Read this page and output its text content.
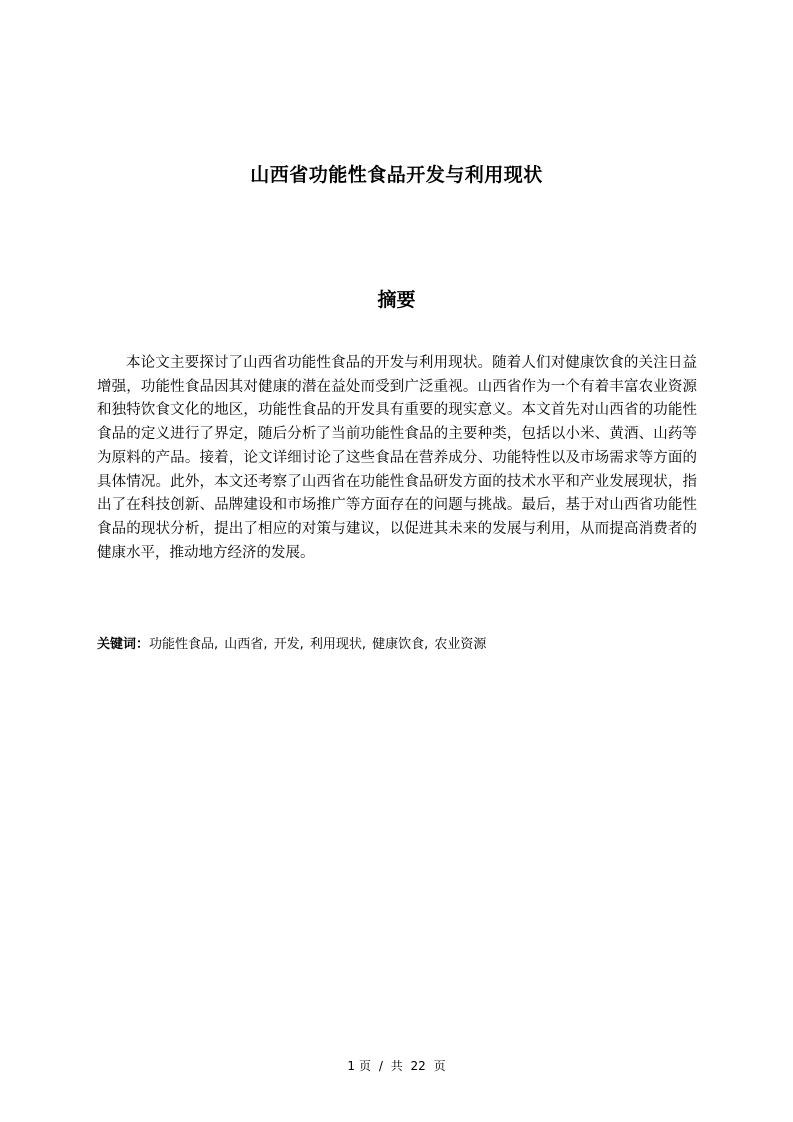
山西省功能性食品开发与利用现状
摘要

本论文主要探讨了山西省功能性食品的开发与利用现状。随着人们对健康饮食的关注日益增强，功能性食品因其对健康的潜在益处而受到广泛重视。山西省作为一个有着丰富农业资源和独特饮食文化的地区，功能性食品的开发具有重要的现实意义。本文首先对山西省的功能性食品的定义进行了界定，随后分析了当前功能性食品的主要种类，包括以小米、黄酒、山药等为原料的产品。接着，论文详细讨论了这些食品在营养成分、功能特性以及市场需求等方面的具体情况。此外，本文还考察了山西省在功能性食品研发方面的技术水平和产业发展现状，指出了在科技创新、品牌建设和市场推广等方面存在的问题与挑战。最后，基于对山西省功能性食品的现状分析，提出了相应的对策与建议，以促进其未来的发展与利用，从而提高消费者的健康水平，推动地方经济的发展。

关键词：功能性食品, 山西省, 开发, 利用现状, 健康饮食, 农业资源

1 页 / 共 22 页
